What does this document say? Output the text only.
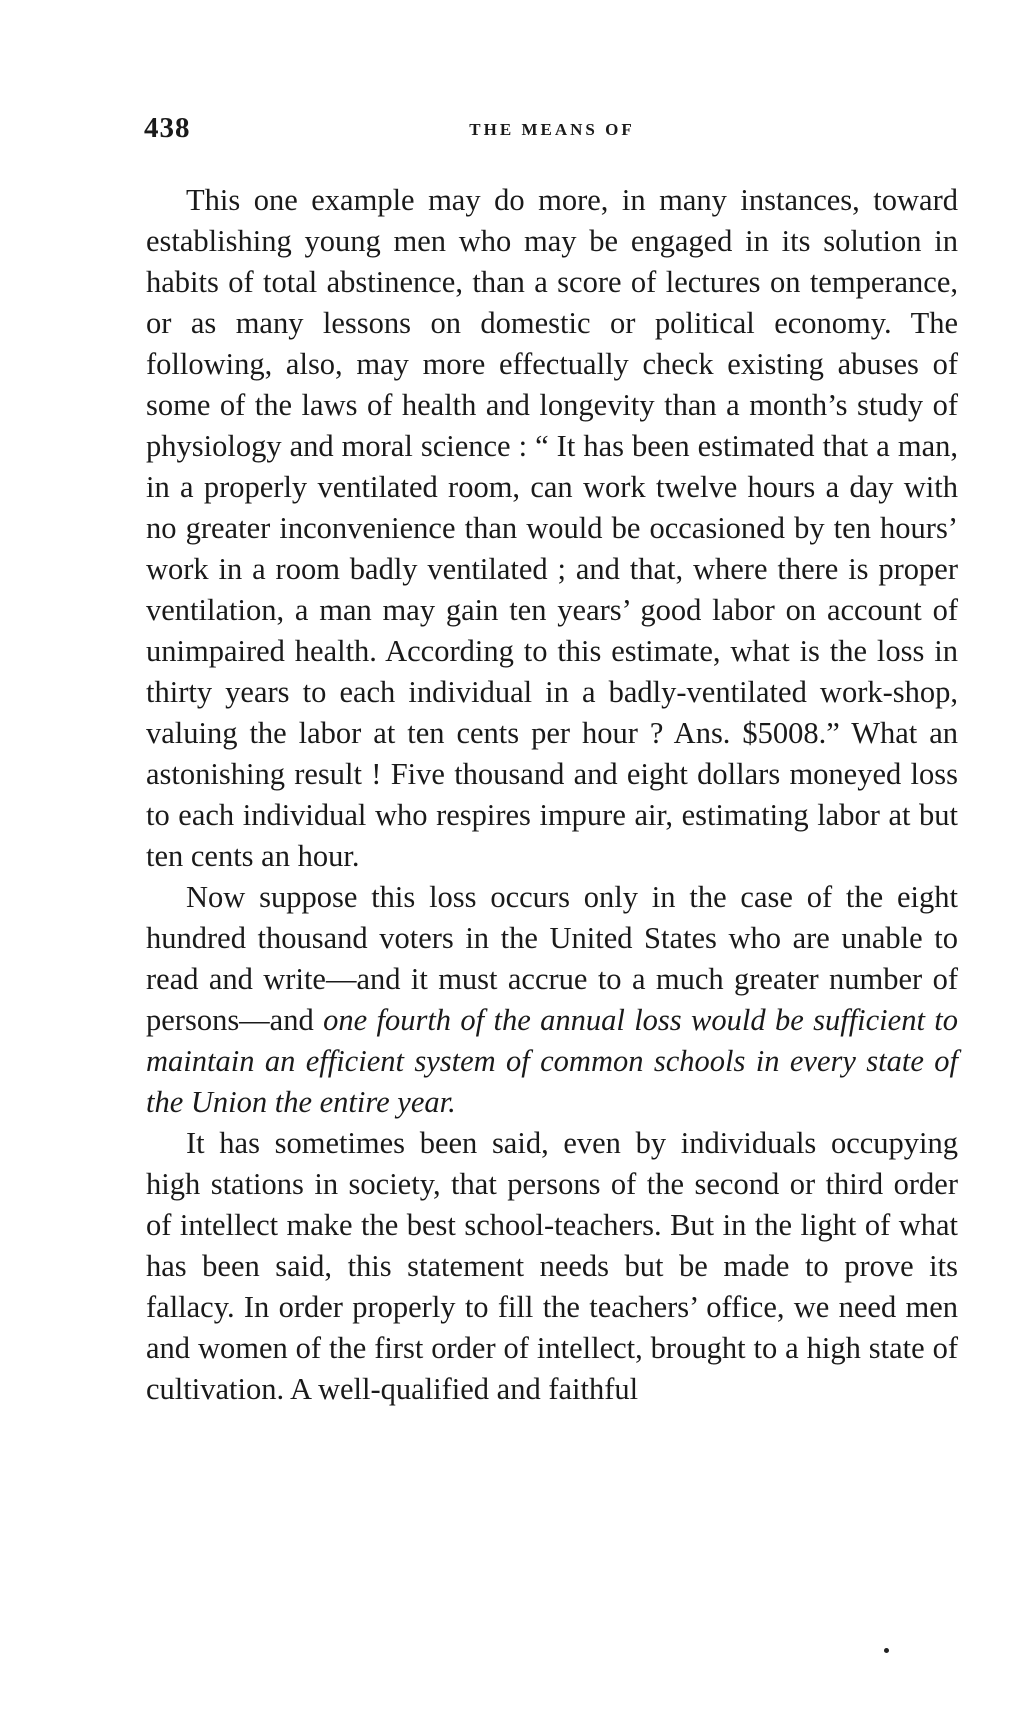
438	THE MEANS OF

This one example may do more, in many instances, toward establishing young men who may be engaged in its solution in habits of total abstinence, than a score of lectures on temperance, or as many lessons on domestic or political economy. The following, also, may more effectually check existing abuses of some of the laws of health and longevity than a month’s study of physiology and moral science : “ It has been estimated that a man, in a properly ventilated room, can work twelve hours a day with no greater inconvenience than would be occasioned by ten hours’ work in a room badly ventilated ; and that, where there is proper ventilation, a man may gain ten years’ good labor on account of unimpaired health. According to this estimate, what is the loss in thirty years to each individual in a badly-ventilated work-shop, valuing the labor at ten cents per hour ? Ans. $5008.” What an astonishing result ! Five thousand and eight dollars moneyed loss to each individual who respires impure air, estimating labor at but ten cents an hour.

Now suppose this loss occurs only in the case of the eight hundred thousand voters in the United States who are unable to read and write—and it must accrue to a much greater number of persons—and one fourth of the annual loss would be sufficient to maintain an efficient system of common schools in every state of the Union the entire year.

It has sometimes been said, even by individuals occupying high stations in society, that persons of the second or third order of intellect make the best school-teachers. But in the light of what has been said, this statement needs but be made to prove its fallacy. In order properly to fill the teachers’ office, we need men and women of the first order of intellect, brought to a high state of cultivation. A well-qualified and faithful
